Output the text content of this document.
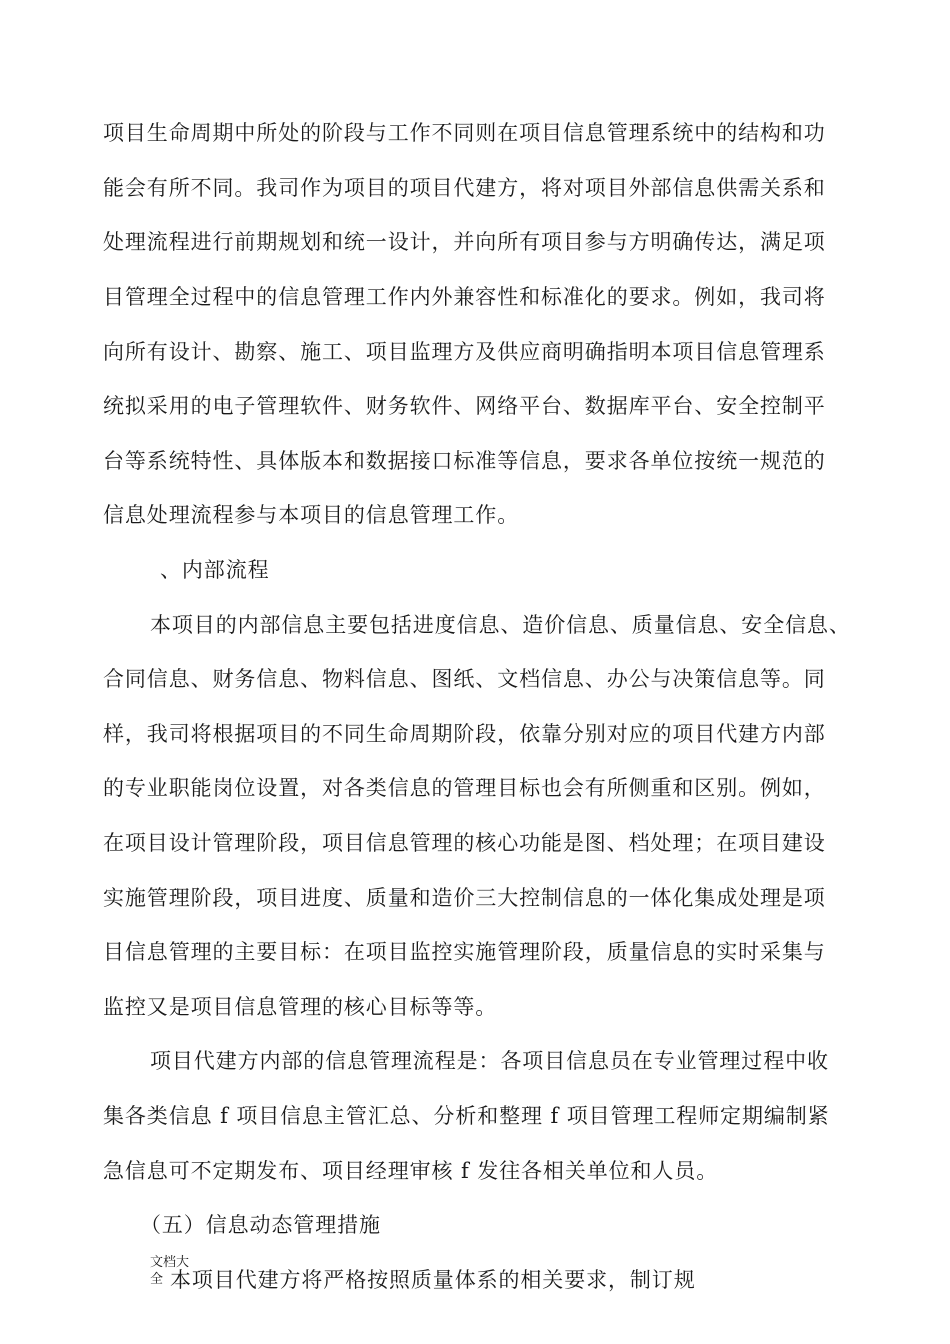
项目生命周期中所处的阶段与工作不同则在项目信息管理系统中的结构和功
能会有所不同。我司作为项目的项目代建方，将对项目外部信息供需关系和
处理流程进行前期规划和统一设计，并向所有项目参与方明确传达，满足项
目管理全过程中的信息管理工作内外兼容性和标准化的要求。例如，我司将
向所有设计、勘察、施工、项目监理方及供应商明确指明本项目信息管理系
统拟采用的电子管理软件、财务软件、网络平台、数据库平台、安全控制平
台等系统特性、具体版本和数据接口标准等信息，要求各单位按统一规范的
信息处理流程参与本项目的信息管理工作。
、内部流程
本项目的内部信息主要包括进度信息、造价信息、质量信息、安全信息、
合同信息、财务信息、物料信息、图纸、文档信息、办公与决策信息等。同
样，我司将根据项目的不同生命周期阶段，依靠分别对应的项目代建方内部
的专业职能岗位设置，对各类信息的管理目标也会有所侧重和区别。例如，
在项目设计管理阶段，项目信息管理的核心功能是图、档处理；在项目建设
实施管理阶段，项目进度、质量和造价三大控制信息的一体化集成处理是项
目信息管理的主要目标：在项目监控实施管理阶段，质量信息的实时采集与
监控又是项目信息管理的核心目标等等。
项目代建方内部的信息管理流程是：各项目信息员在专业管理过程中收
集各类信息 f 项目信息主管汇总、分析和整理 f 项目管理工程师定期编制紧
急信息可不定期发布、项目经理审核 f 发往各相关单位和人员。
（五）信息动态管理措施
本项目代建方将严格按照质量体系的相关要求，制订规
文档大全
